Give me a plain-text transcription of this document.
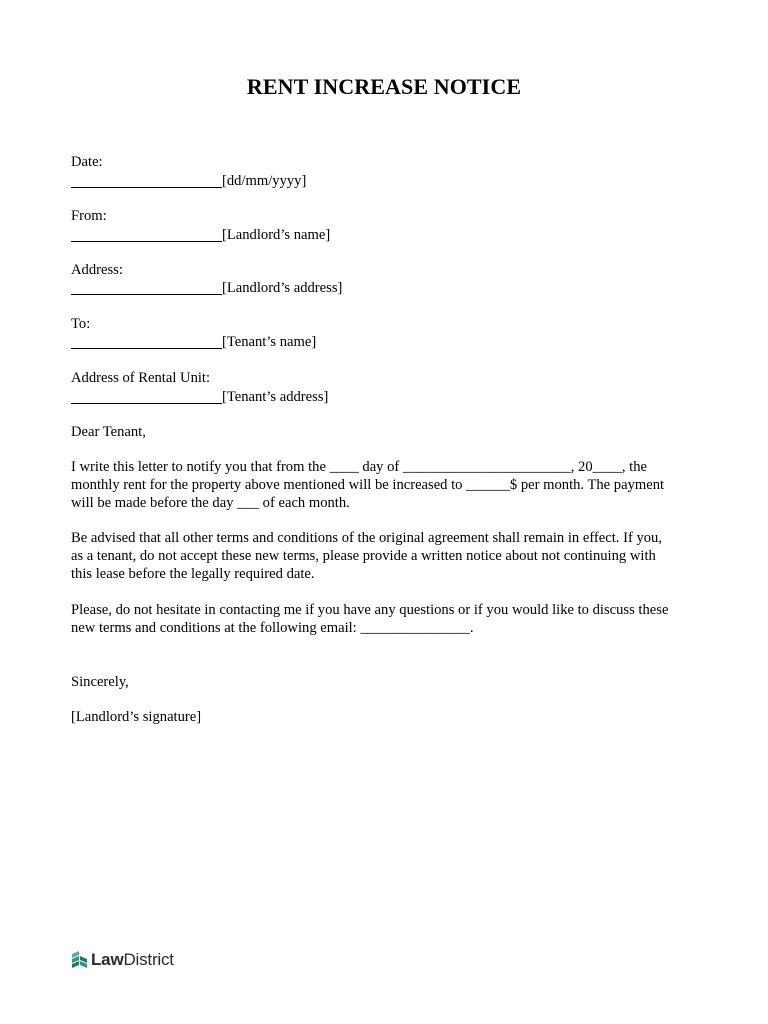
RENT INCREASE NOTICE
Date:
[dd/mm/yyyy]
From:
[Landlord’s name]
Address:
[Landlord’s address]
To:
[Tenant’s name]
Address of Rental Unit:
[Tenant’s address]
Dear Tenant,
I write this letter to notify you that from the ____ day of _______________________, 20____, the
monthly rent for the property above mentioned will be increased to ______$ per month. The payment
will be made before the day ___ of each month.
Be advised that all other terms and conditions of the original agreement shall remain in effect. If you,
as a tenant, do not accept these new terms, please provide a written notice about not continuing with
this lease before the legally required date.
Please, do not hesitate in contacting me if you have any questions or if you would like to discuss these
new terms and conditions at the following email: _______________.
Sincerely,
[Landlord’s signature]
LawDistrict
